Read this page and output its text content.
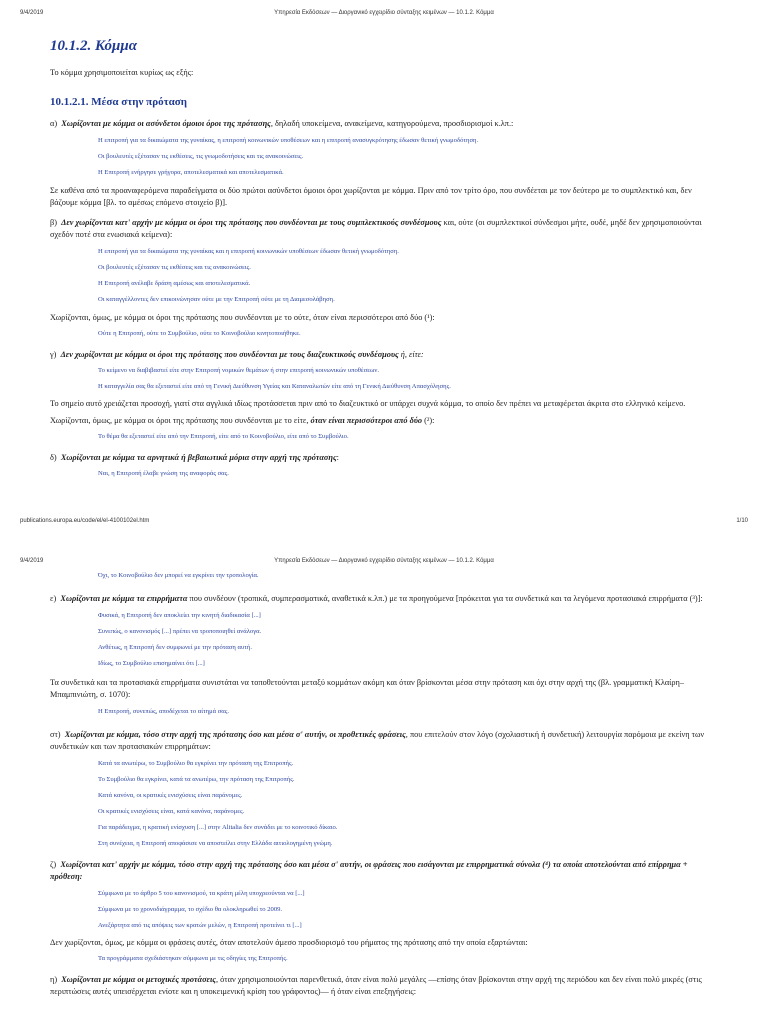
9/4/2019	Υπηρεσία Εκδόσεων — Διοργανικό εγχειρίδιο σύνταξης κειμένων — 10.1.2. Κόμμα
10.1.2. Κόμμα

Το κόμμα χρησιμοποιείται κυρίως ως εξής:

10.1.2.1. Μέσα στην πρόταση

α) Χωρίζονται με κόμμα οι ασύνδετοι όμοιοι όροι της πρότασης, δηλαδή υποκείμενα, ανακείμενα, κατηγορούμενα, προσδιορισμοί κ.λπ.:

Η επιτροπή για τα δικαιώματα της γυναίκας, η επιτροπή κοινωνικών υποθέσεων και η επιτροπή ανασυγκρότησης έδωσαν θετική γνωμοδότηση.

Οι βουλευτές εξέτασαν τις εκθέσεις, τις γνωμοδοτήσεις και τις ανακοινώσεις.

Η Επιτροπή ενήργησε γρήγορα, αποτελεσματικά και αποτελεσματικά.

Σε καθένα από τα προαναφερόμενα παραδείγματα οι δύο πρώτοι ασύνδετοι όμοιοι όροι χωρίζονται με κόμμα. Πριν από τον τρίτο όρο, που συνδέεται με τον δεύτερο με το συμπλεκτικό και, δεν βάζουμε κόμμα [βλ. το αμέσως επόμενο στοιχείο β)].

β) Δεν χωρίζονται κατ' αρχήν με κόμμα οι όροι της πρότασης που συνδέονται με τους συμπλεκτικούς συνδέσμους και, ούτε (οι συμπλεκτικοί σύνδεσμοι μήτε, ουδέ, μηδέ δεν χρησιμοποιούνται σχεδόν ποτέ στα ενωσιακά κείμενα):

Η επιτροπή για τα δικαιώματα της γυναίκας και η επιτροπή κοινωνικών υποθέσεων έδωσαν θετική γνωμοδότηση.

Οι βουλευτές εξέτασαν τις εκθέσεις και τις ανακοινώσεις.

Η Επιτροπή ανέλαβε δράση αμέσως και αποτελεσματικά.

Οι καταγγέλλοντες δεν επικοινώνησαν ούτε με την Επιτροπή ούτε με τη Διαμεσολάβηση.

Χωρίζονται, όμως, με κόμμα οι όροι της πρότασης που συνδέονται με το ούτε, όταν είναι περισσότεροι από δύο (¹):

Ούτε η Επιτροπή, ούτε το Συμβούλιο, ούτε το Κοινοβούλιο κινητοποιήθηκε.

γ) Δεν χωρίζονται με κόμμα οι όροι της πρότασης που συνδέονται με τους διαζευκτικούς συνδέσμους ή, είτε:

Το κείμενο να διαβιβαστεί είτε στην Επιτροπή νομικών θεμάτων ή στην επιτροπή κοινωνικών υποθέσεων.

Η καταγγελία σας θα εξεταστεί είτε από τη Γενική Διεύθυνση Υγείας και Καταναλωτών είτε από τη Γενική Διεύθυνση Απασχόλησης.

Το σημείο αυτό χρειάζεται προσοχή, γιατί στα αγγλικά ιδίως προτάσσεται πριν από το διαζευκτικό or υπάρχει συχνά κόμμα, το οποίο δεν πρέπει να μεταφέρεται άκριτα στο ελληνικό κείμενο.

Χωρίζονται, όμως, με κόμμα οι όροι της πρότασης που συνδέονται με το είτε, όταν είναι περισσότεροι από δύο (²):

Το θέμα θα εξεταστεί είτε από την Επιτροπή, είτε από το Κοινοβούλιο, είτε από το Συμβούλιο.

δ) Χωρίζονται με κόμμα τα αρνητικά ή βεβαιωτικά μόρια στην αρχή της πρότασης:

Ναι, η Επιτροπή έλαβε γνώση της αναφοράς σας.

publications.europa.eu/code/el/el-4100102el.htm	1/10
9/4/2019	Υπηρεσία Εκδόσεων — Διοργανικό εγχειρίδιο σύνταξης κειμένων — 10.1.2. Κόμμα

Όχι, το Κοινοβούλιο δεν μπορεί να εγκρίνει την τροπολογία.

ε) Χωρίζονται με κόμμα τα επιρρήματα που συνδέουν (τροπικά, συμπερασματικά, αναθετικά κ.λπ.) με τα προηγούμενα [πρόκειται για τα συνδετικά και τα λεγόμενα προτασιακά επιρρήματα (³)]:

Φυσικά, η Επιτροπή δεν αποκλείει την κινητή διαδικασία [...]

Συνεπώς, ο κανονισμός [...] πρέπει να τροποποιηθεί ανάλογα.

Ανθέτως, η Επιτροπή δεν συμφωνεί με την πρόταση αυτή.

Ιδίως, το Συμβούλιο επισημαίνει ότι [...]

Τα συνδετικά και τα προτασιακά επιρρήματα συνιστάται να τοποθετούνται μεταξύ κομμάτων ακόμη και όταν βρίσκονται μέσα στην πρόταση και όχι στην αρχή της (βλ. γραμματική Κλαίρη–Μπαμπινιώτη, σ. 1070):

Η Επιτροπή, συνεπώς, αποδέχεται το αίτημά σας.

στ) Χωρίζονται με κόμμα, τόσο στην αρχή της πρότασης όσο και μέσα σ' αυτήν, οι προθετικές φράσεις, που επιτελούν στον λόγο (σχολιαστική ή συνδετική) λειτουργία παρόμοια με εκείνη των συνδετικών και των προτασιακών επιρρημάτων:

Κατά τα ανωτέρω, το Συμβούλιο θα εγκρίνει την πρόταση της Επιτροπής.

Το Συμβούλιο θα εγκρίνει, κατά τα ανωτέρω, την πρόταση της Επιτροπής.

Κατά κανόνα, οι κρατικές ενισχύσεις είναι παράνομες.

Οι κρατικές ενισχύσεις είναι, κατά κανόνα, παράνομες.

Για παράδειγμα, η κρατική ενίσχυση [...] στην Alitalia δεν συνάδει με το κοινοτικό δίκαιο.

Στη συνέχεια, η Επιτροπή αποφάσισε να αποστείλει στην Ελλάδα αιτιολογημένη γνώμη.

ζ) Χωρίζονται κατ' αρχήν με κόμμα, τόσο στην αρχή της πρότασης όσο και μέσα σ' αυτήν, οι φράσεις που εισάγονται με επιρρηματικά σύνολα (⁴) τα οποία αποτελούνται από επίρρημα + πρόθεση:

Σύμφωνα με το άρθρο 5 του κανονισμού, τα κράτη μέλη υποχρεούνται να [...]

Σύμφωνα με το χρονοδιάγραμμα, το σχέδιο θα ολοκληρωθεί το 2009.

Ανεξάρτητα από τις απόψεις των κρατών μελών, η Επιτροπή προτείνει τι [...]

Δεν χωρίζονται, όμως, με κόμμα οι φράσεις αυτές, όταν αποτελούν άμεσο προσδιορισμό του ρήματος της πρότασης από την οποία εξαρτώνται:

Τα προγράμματα σχεδιάστηκαν σύμφωνα με τις οδηγίες της Επιτροπής.

η) Χωρίζονται με κόμμα οι μετοχικές προτάσεις, όταν χρησιμοποιούνται παρενθετικά, όταν είναι πολύ μεγάλες —επίσης όταν βρίσκονται στην αρχή της περιόδου και δεν είναι πολύ μικρές (στις περιπτώσεις αυτές υπεισέρχεται ενίοτε και η υποκειμενική κρίση του γράφοντος)— ή όταν είναι επεξηγήσεις:
